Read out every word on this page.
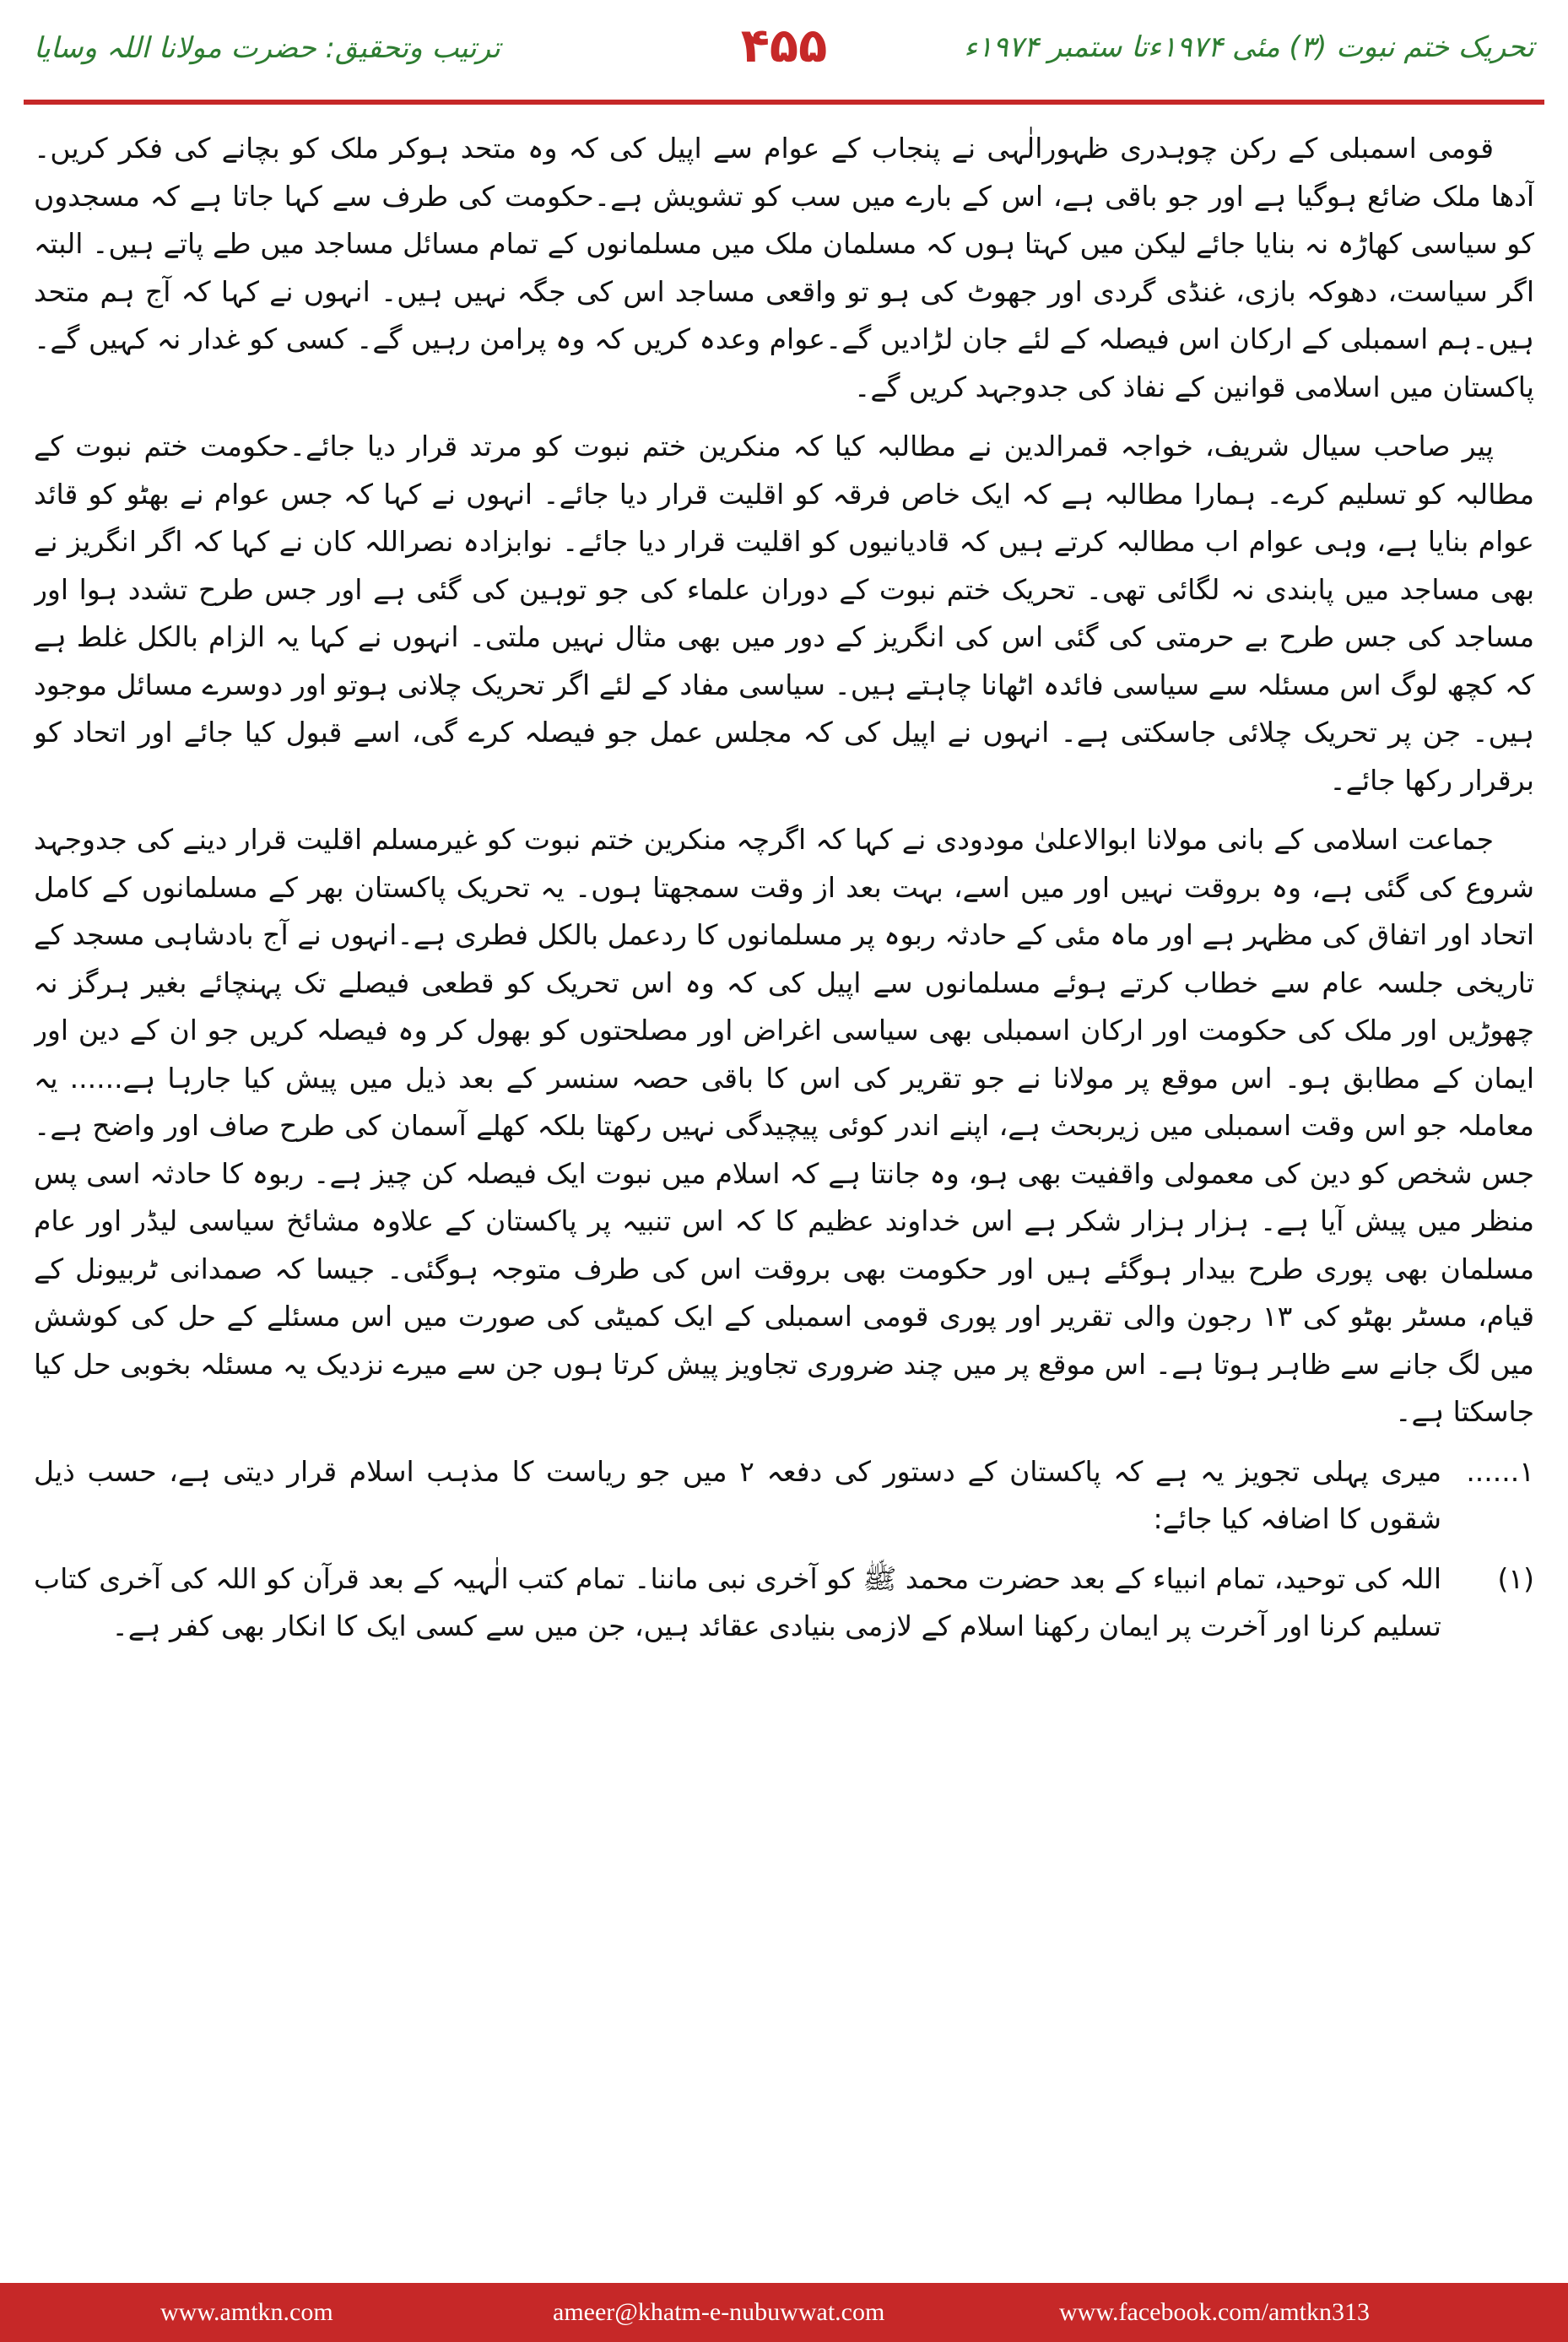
ترتیب وتحقیق: حضرت مولانا اللہ وسایا	۴۵۵	تحریک ختم نبوت (۳) مئی ۱۹۷۴ءتا ستمبر ۱۹۷۴ء

قومی اسمبلی کے رکن چوہدری ظہورالٰہی نے پنجاب کے عوام سے اپیل کی کہ وہ متحد ہوکر ملک کو بچانے کی فکر کریں۔ آدھا ملک ضائع ہوگیا ہے اور جو باقی ہے، اس کے بارے میں سب کو تشویش ہے۔حکومت کی طرف سے کہا جاتا ہے کہ مسجدوں کو سیاسی کھاڑہ نہ بنایا جائے لیکن میں کہتا ہوں کہ مسلمان ملک میں مسلمانوں کے تمام مسائل مساجد میں طے پاتے ہیں۔ البتہ اگر سیاست، دھوکہ بازی، غنڈی گردی اور جھوٹ کی ہو تو واقعی مساجد اس کی جگہ نہیں ہیں۔ انہوں نے کہا کہ آج ہم متحد ہیں۔ہم اسمبلی کے ارکان اس فیصلہ کے لئے جان لڑادیں گے۔عوام وعدہ کریں کہ وہ پرامن رہیں گے۔ کسی کو غدار نہ کہیں گے۔ پاکستان میں اسلامی قوانین کے نفاذ کی جدوجہد کریں گے۔

پیر صاحب سیال شریف، خواجہ قمرالدین نے مطالبہ کیا کہ منکرین ختم نبوت کو مرتد قرار دیا جائے۔حکومت ختم نبوت کے مطالبہ کو تسلیم کرے۔ ہمارا مطالبہ ہے کہ ایک خاص فرقہ کو اقلیت قرار دیا جائے۔ انہوں نے کہا کہ جس عوام نے بھٹو کو قائد عوام بنایا ہے، وہی عوام اب مطالبہ کرتے ہیں کہ قادیانیوں کو اقلیت قرار دیا جائے۔ نوابزادہ نصراللہ کان نے کہا کہ اگر انگریز نے بھی مساجد میں پابندی نہ لگائی تھی۔ تحریک ختم نبوت کے دوران علماء کی جو توہین کی گئی ہے اور جس طرح تشدد ہوا اور مساجد کی جس طرح بے حرمتی کی گئی اس کی انگریز کے دور میں بھی مثال نہیں ملتی۔ انہوں نے کہا یہ الزام بالکل غلط ہے کہ کچھ لوگ اس مسئلہ سے سیاسی فائدہ اٹھانا چاہتے ہیں۔ سیاسی مفاد کے لئے اگر تحریک چلانی ہوتو اور دوسرے مسائل موجود ہیں۔ جن پر تحریک چلائی جاسکتی ہے۔ انہوں نے اپیل کی کہ مجلس عمل جو فیصلہ کرے گی، اسے قبول کیا جائے اور اتحاد کو برقرار رکھا جائے۔

جماعت اسلامی کے بانی مولانا ابوالاعلیٰ مودودی نے کہا کہ اگرچہ منکرین ختم نبوت کو غیرمسلم اقلیت قرار دینے کی جدوجہد شروع کی گئی ہے، وہ بروقت نہیں اور میں اسے، بہت بعد از وقت سمجھتا ہوں۔ یہ تحریک پاکستان بھر کے مسلمانوں کے کامل اتحاد اور اتفاق کی مظہر ہے اور ماہ مئی کے حادثہ ربوہ پر مسلمانوں کا ردعمل بالکل فطری ہے۔انہوں نے آج بادشاہی مسجد کے تاریخی جلسہ عام سے خطاب کرتے ہوئے مسلمانوں سے اپیل کی کہ وہ اس تحریک کو قطعی فیصلے تک پہنچائے بغیر ہرگز نہ چھوڑیں اور ملک کی حکومت اور ارکان اسمبلی بھی سیاسی اغراض اور مصلحتوں کو بھول کر وہ فیصلہ کریں جو ان کے دین اور ایمان کے مطابق ہو۔ اس موقع پر مولانا نے جو تقریر کی اس کا باقی حصہ سنسر کے بعد ذیل میں پیش کیا جارہا ہے...... یہ معاملہ جو اس وقت اسمبلی میں زیربحث ہے، اپنے اندر کوئی پیچیدگی نہیں رکھتا بلکہ کھلے آسمان کی طرح صاف اور واضح ہے۔جس شخص کو دین کی معمولی واقفیت بھی ہو، وہ جانتا ہے کہ اسلام میں نبوت ایک فیصلہ کن چیز ہے۔ ربوہ کا حادثہ اسی پس منظر میں پیش آیا ہے۔ ہزار ہزار شکر ہے اس خداوند عظیم کا کہ اس تنبیہ پر پاکستان کے علاوہ مشائخ سیاسی لیڈر اور عام مسلمان بھی پوری طرح بیدار ہوگئے ہیں اور حکومت بھی بروقت اس کی طرف متوجہ ہوگئی۔ جیسا کہ صمدانی ٹربیونل کے قیام، مسٹر بھٹو کی ۱۳ رجون والی تقریر اور پوری قومی اسمبلی کے ایک کمیٹی کی صورت میں اس مسئلے کے حل کی کوشش میں لگ جانے سے ظاہر ہوتا ہے۔ اس موقع پر میں چند ضروری تجاویز پیش کرتا ہوں جن سے میرے نزدیک یہ مسئلہ بخوبی حل کیا جاسکتا ہے۔

۱......
میری پہلی تجویز یہ ہے کہ پاکستان کے دستور کی دفعہ ۲ میں جو ریاست کا مذہب اسلام قرار دیتی ہے، حسب ذیل شقوں کا اضافہ کیا جائے:
(۱)
اللہ کی توحید، تمام انبیاء کے بعد حضرت محمد ﷺ کو آخری نبی ماننا۔ تمام کتب الٰہیہ کے بعد قرآن کو اللہ کی آخری کتاب تسلیم کرنا اور آخرت پر ایمان رکھنا اسلام کے لازمی بنیادی عقائد ہیں، جن میں سے کسی ایک کا انکار بھی کفر ہے۔
www.amtkn.com	ameer@khatm-e-nubuwwat.com	www.facebook.com/amtkn313
